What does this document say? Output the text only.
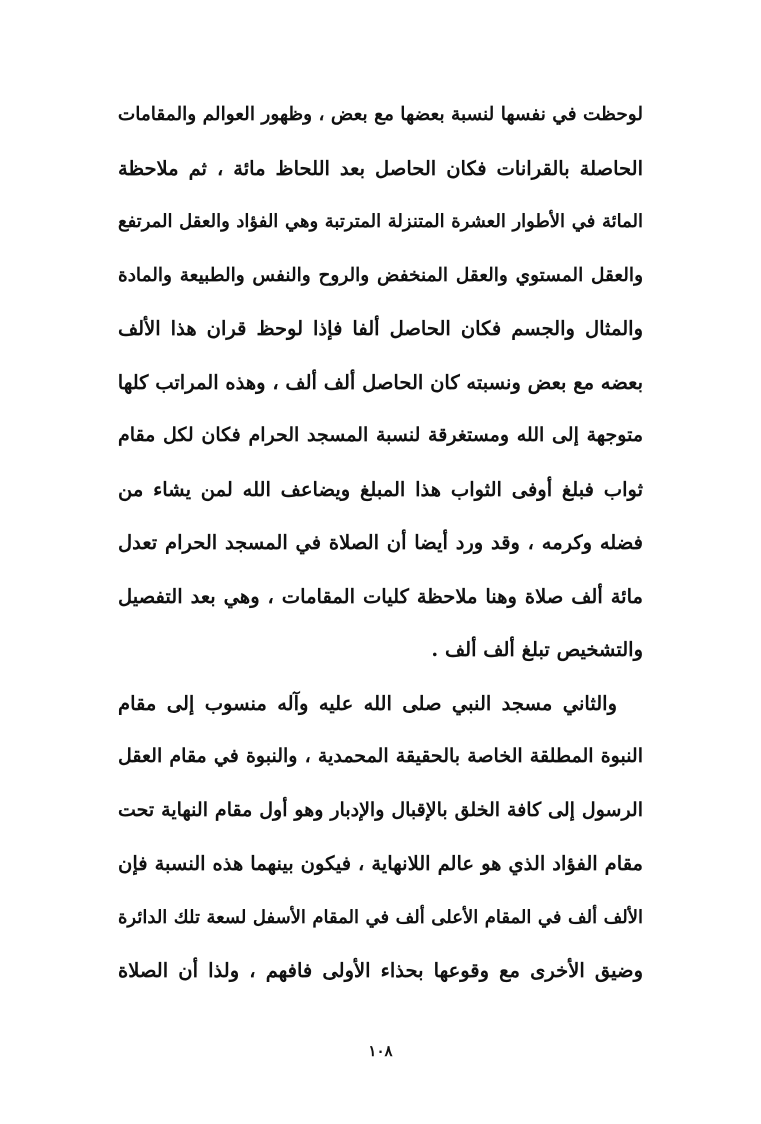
لوحظت في نفسها لنسبة بعضها مع بعض ، وظهور العوالم والمقامات
الحاصلة بالقرانات فكان الحاصل بعد اللحاظ مائة ، ثم ملاحظة
المائة في الأطوار العشرة المتنزلة المترتبة وهي الفؤاد والعقل المرتفع
والعقل المستوي والعقل المنخفض والروح والنفس والطبيعة والمادة
والمثال والجسم فكان الحاصل ألفا فإذا لوحظ قران هذا الألف
بعضه مع بعض ونسبته كان الحاصل ألف ألف ، وهذه المراتب كلها
متوجهة إلى الله ومستغرقة لنسبة المسجد الحرام فكان لكل مقام
ثواب فبلغ أوفى الثواب هذا المبلغ ويضاعف الله لمن يشاء من
فضله وكرمه ، وقد ورد أيضا أن الصلاة في المسجد الحرام تعدل
مائة ألف صلاة وهنا ملاحظة كليات المقامات ، وهي بعد التفصيل
والتشخيص تبلغ ألف ألف .
والثاني مسجد النبي صلى الله عليه وآله منسوب إلى مقام
النبوة المطلقة الخاصة بالحقيقة المحمدية ، والنبوة في مقام العقل
الرسول إلى كافة الخلق بالإقبال والإدبار وهو أول مقام النهاية تحت
مقام الفؤاد الذي هو عالم اللانهاية ، فيكون بينهما هذه النسبة فإن
الألف ألف في المقام الأعلى ألف في المقام الأسفل لسعة تلك الدائرة
وضيق الأخرى مع وقوعها بحذاء الأولى فافهم ، ولذا أن الصلاة
١٠٨
